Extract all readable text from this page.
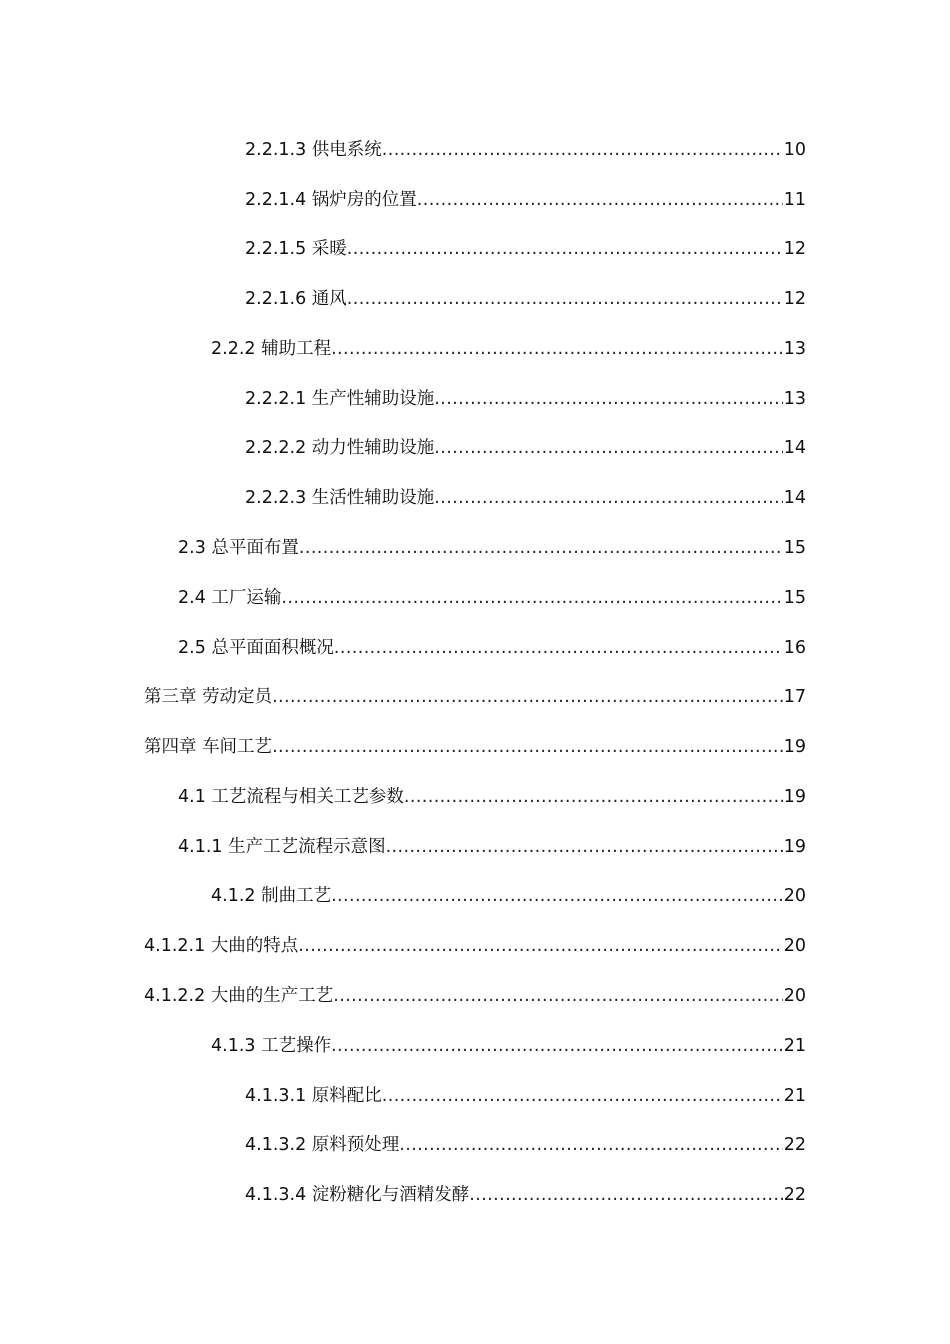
2.2.1.3 供电系统 .....	10
2.2.1.4 锅炉房的位置 .....	11
2.2.1.5 采暖 .....	12
2.2.1.6 通风 .....	12
2.2.2 辅助工程 .....	13
2.2.2.1 生产性辅助设施 .....	13
2.2.2.2 动力性辅助设施 .....	14
2.2.2.3 生活性辅助设施 .....	14
2.3 总平面布置 .....	15
2.4 工厂运输 .....	15
2.5 总平面面积概况 .....	16
第三章 劳动定员 .....	17
第四章 车间工艺 .....	19
4.1 工艺流程与相关工艺参数 .....	19
4.1.1 生产工艺流程示意图 .....	19
4.1.2 制曲工艺 .....	20
4.1.2.1 大曲的特点 .....	20
4.1.2.2 大曲的生产工艺 .....	20
4.1.3 工艺操作 .....	21
4.1.3.1 原料配比 .....	21
4.1.3.2 原料预处理 .....	22
4.1.3.4 淀粉糖化与酒精发酵 .....	22
